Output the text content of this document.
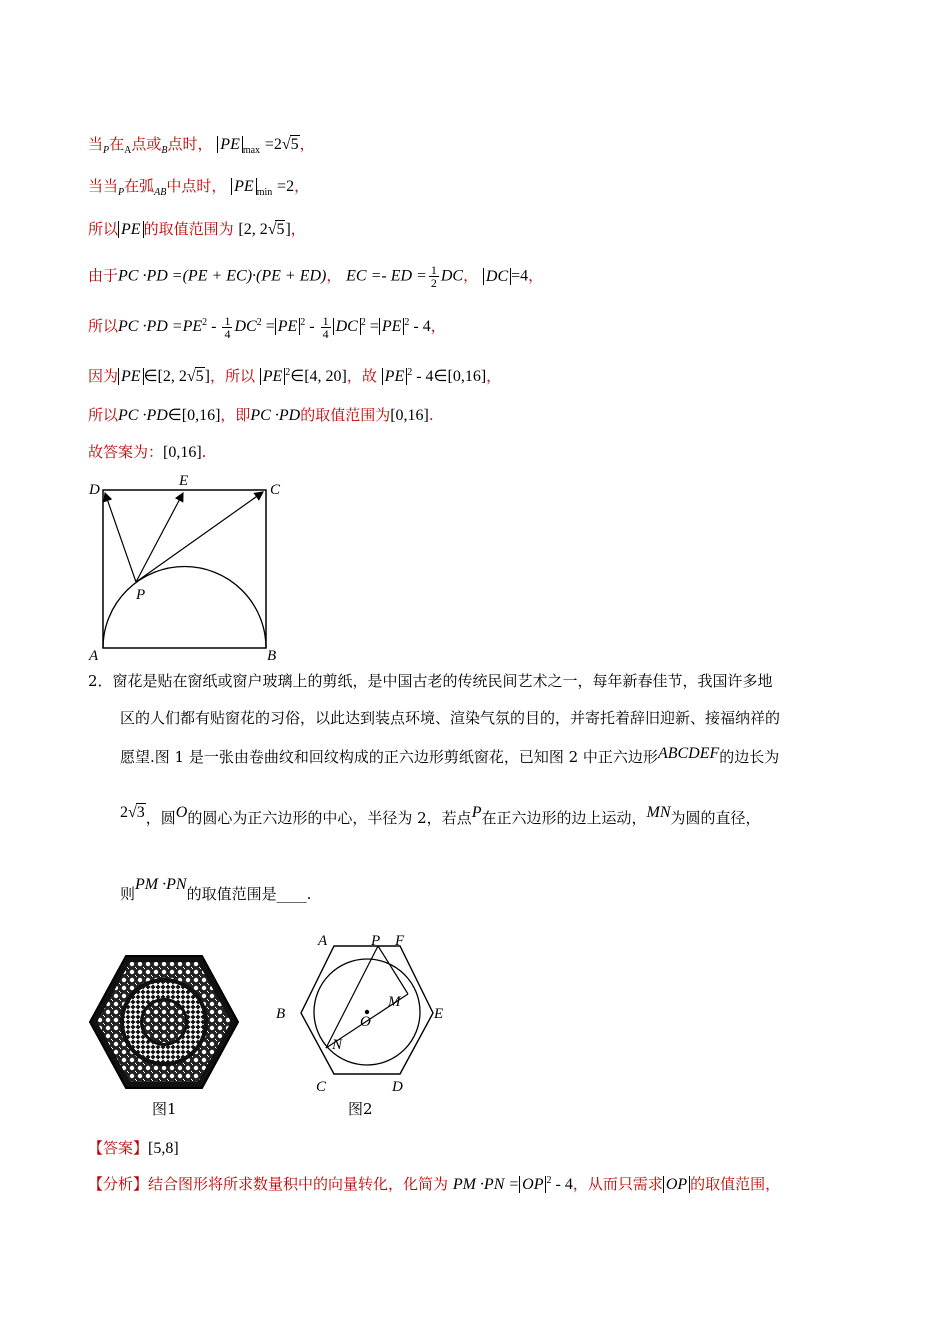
当$_P$在$_A$点或$_B$点时， PE $_{max}$ =2√5，
当当$_P$在弧$_{AB}$中点时， PE $_{min}$ =2，
所以 PE 的取值范围为 [2, 2√5]，
由于PC ·PD =(PE + EC)·(PE + ED)， EC =- ED = $\frac{1}{2}$ DC， DC =4，
所以PC $\cdot PD =PE^2 - \frac{1}{4} DC^2$ = PE $^2 - \frac{1}{4}$ DC $^2$ = PE $^2$ - 4，
因为 PE ∈[2, 2√5]，所以 PE $^2$∈[4, 20]，故 PE $^2$ - 4∈[0,16]，
所以PC ·PD∈[0,16]，即PC ·PD的取值范围为[0,16].
故答案为：[0,16].
D
E
C
P
A	B
2．窗花是贴在窗纸或窗户玻璃上的剪纸，是中国古老的传统民间艺术之一，每年新春佳节，我国许多地
区的人们都有贴窗花的习俗，以此达到装点环境、渲染气氛的目的，并寄托着辞旧迎新、接福纳祥的
愿望.图 1 是一张由卷曲纹和回纹构成的正六边形剪纸窗花，已知图 2 中正六边形ABCDEF的边长为
2√3，圆O的圆心为正六边形的中心，半径为 2，若点P在正六边形的边上运动，MN为圆的直径，
则PM ·PN的取值范围是____.
图1
A	P F
B
M
O	E
N
C	D
图2
【答案】[5,8]
【分析】结合图形将所求数量积中的向量转化，化简为 PM ·PN = OP $^2$ - 4，从而只需求 OP 的取值范围，
